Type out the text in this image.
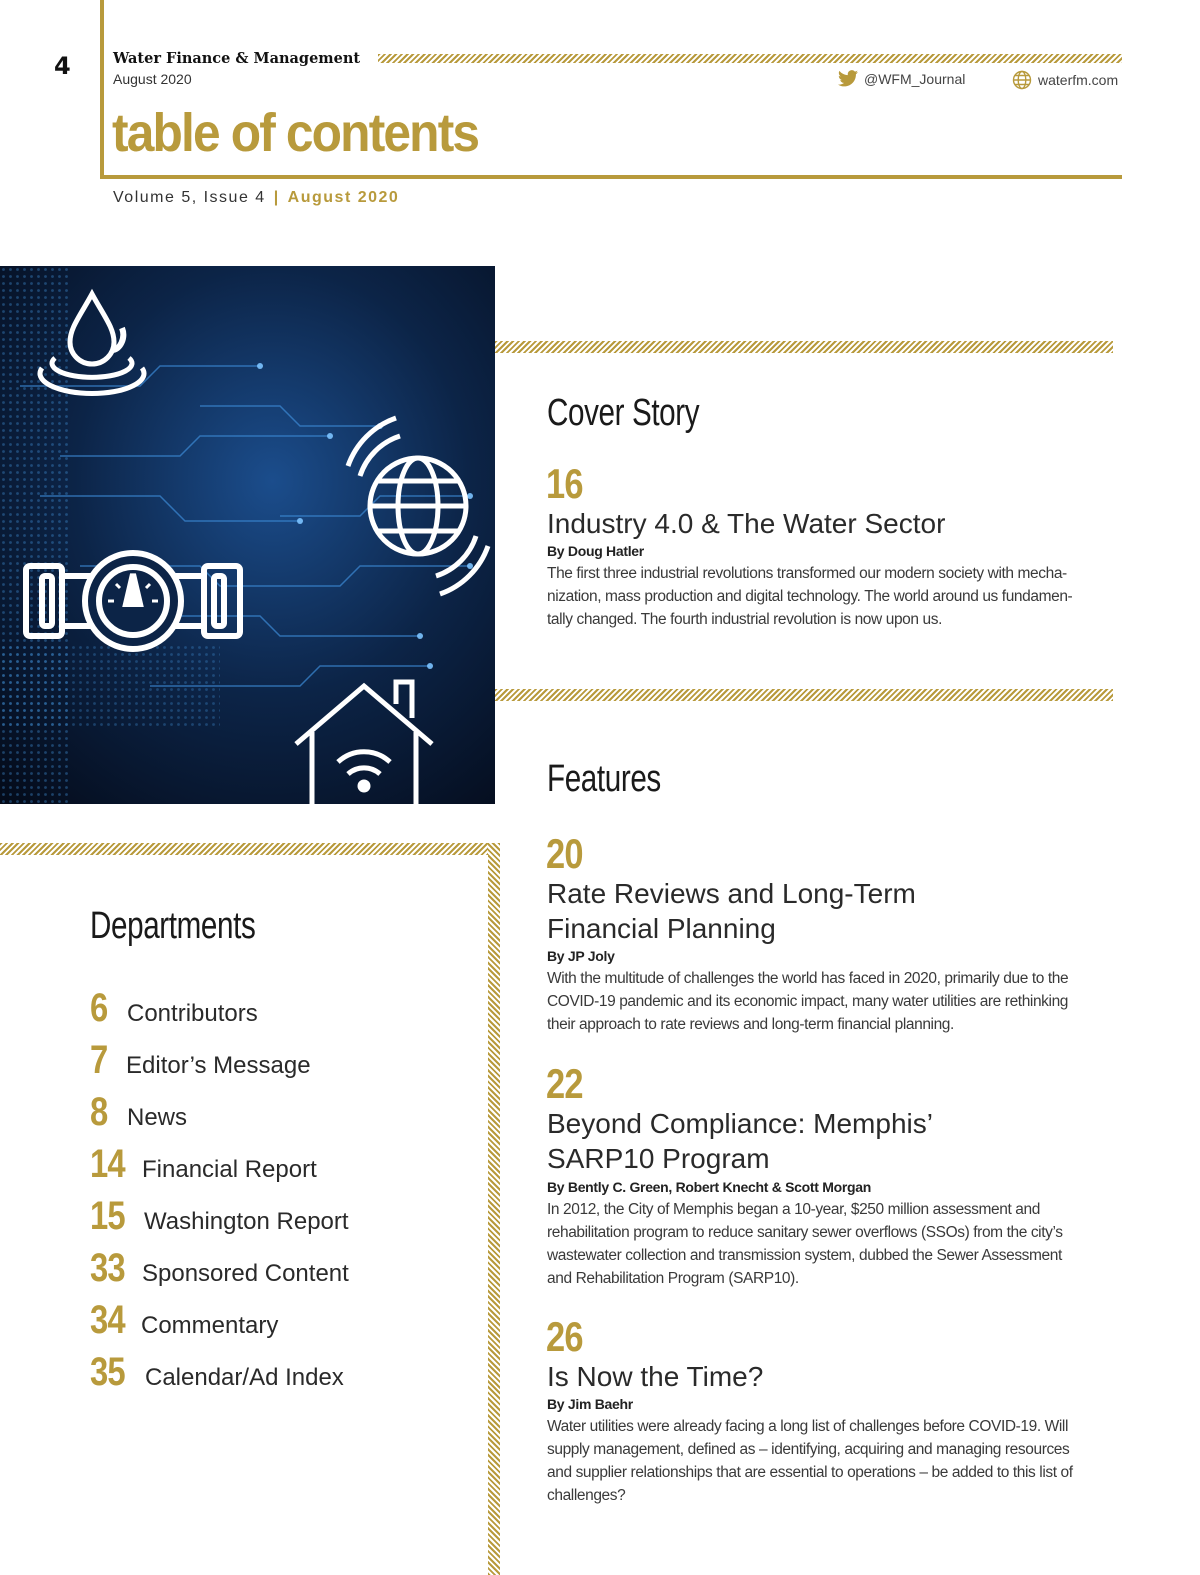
4	Water Finance & Management
August 2020	@WFM_Journal	waterfm.com
table of contents
Volume 5, Issue 4 | August 2020
Cover Story
16
Industry 4.0 & The Water Sector
By Doug Hatler
The first three industrial revolutions transformed our modern society with mecha-
nization, mass production and digital technology. The world around us fundamen-
tally changed. The fourth industrial revolution is now upon us.
Features
20
Rate Reviews and Long-Term
Financial Planning
By JP Joly
With the multitude of challenges the world has faced in 2020, primarily due to the
COVID-19 pandemic and its economic impact, many water utilities are rethinking
their approach to rate reviews and long-term financial planning.
22
Beyond Compliance: Memphis’
SARP10 Program
By Bently C. Green, Robert Knecht & Scott Morgan
In 2012, the City of Memphis began a 10-year, $250 million assessment and
rehabilitation program to reduce sanitary sewer overflows (SSOs) from the city’s
wastewater collection and transmission system, dubbed the Sewer Assessment
and Rehabilitation Program (SARP10).
26
Is Now the Time?
By Jim Baehr
Water utilities were already facing a long list of challenges before COVID-19. Will
supply management, defined as – identifying, acquiring and managing resources
and supplier relationships that are essential to operations – be added to this list of
challenges?
Departments
6 Contributors
7 Editor’s Message
8 News
14 Financial Report
15 Washington Report
33 Sponsored Content
34 Commentary
35 Calendar/Ad Index
